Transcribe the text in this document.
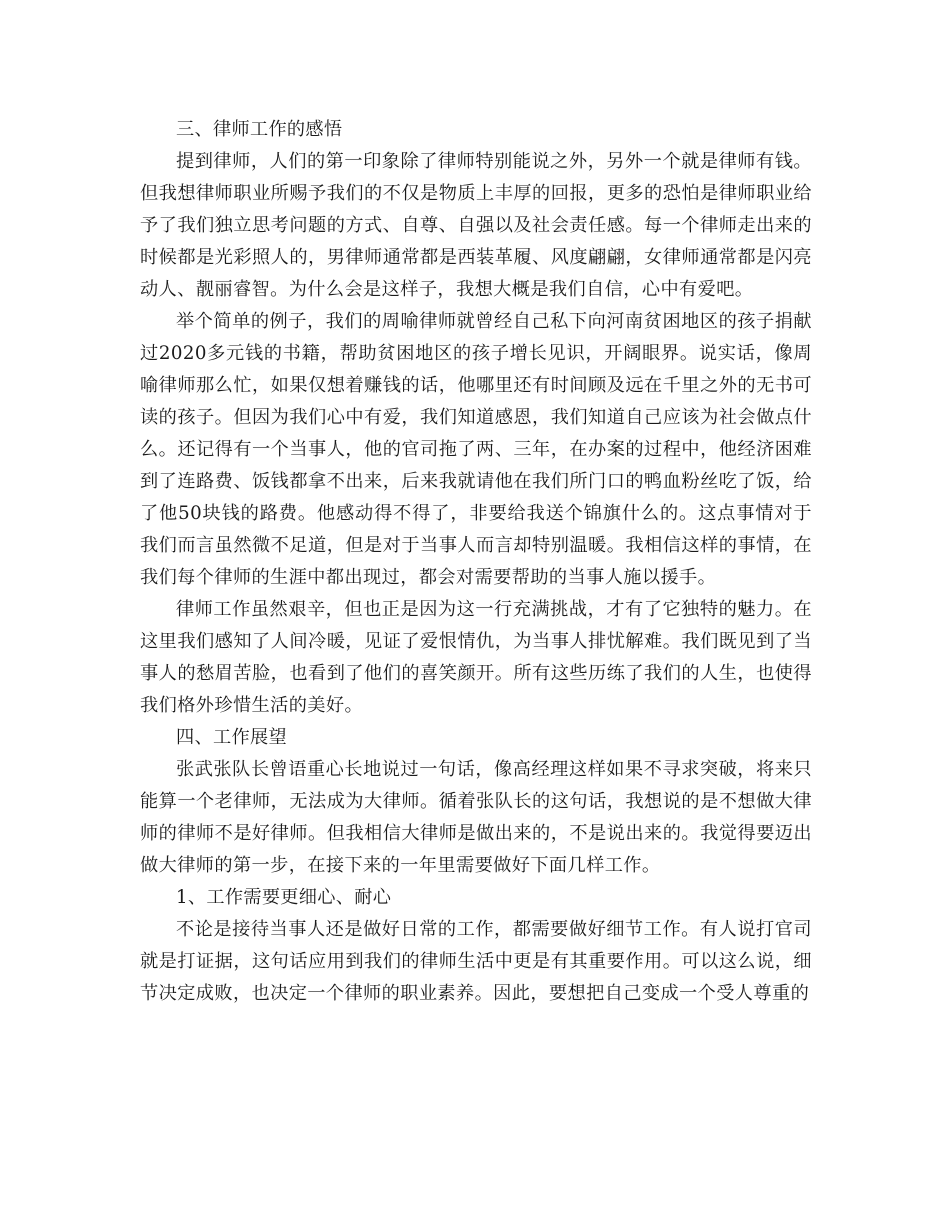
三、律师工作的感悟

提到律师，人们的第一印象除了律师特别能说之外，另外一个就是律师有钱。但我想律师职业所赐予我们的不仅是物质上丰厚的回报，更多的恐怕是律师职业给予了我们独立思考问题的方式、自尊、自强以及社会责任感。每一个律师走出来的时候都是光彩照人的，男律师通常都是西装革履、风度翩翩，女律师通常都是闪亮动人、靓丽睿智。为什么会是这样子，我想大概是我们自信，心中有爱吧。

举个简单的例子，我们的周喻律师就曾经自己私下向河南贫困地区的孩子捐献过2020多元钱的书籍，帮助贫困地区的孩子增长见识，开阔眼界。说实话，像周喻律师那么忙，如果仅想着赚钱的话，他哪里还有时间顾及远在千里之外的无书可读的孩子。但因为我们心中有爱，我们知道感恩，我们知道自己应该为社会做点什么。还记得有一个当事人，他的官司拖了两、三年，在办案的过程中，他经济困难到了连路费、饭钱都拿不出来，后来我就请他在我们所门口的鸭血粉丝吃了饭，给了他50块钱的路费。他感动得不得了，非要给我送个锦旗什么的。这点事情对于我们而言虽然微不足道，但是对于当事人而言却特别温暖。我相信这样的事情，在我们每个律师的生涯中都出现过，都会对需要帮助的当事人施以援手。

律师工作虽然艰辛，但也正是因为这一行充满挑战，才有了它独特的魅力。在这里我们感知了人间冷暖，见证了爱恨情仇，为当事人排忧解难。我们既见到了当事人的愁眉苦脸，也看到了他们的喜笑颜开。所有这些历练了我们的人生，也使得我们格外珍惜生活的美好。

四、工作展望

张武张队长曾语重心长地说过一句话，像高经理这样如果不寻求突破，将来只能算一个老律师，无法成为大律师。循着张队长的这句话，我想说的是不想做大律师的律师不是好律师。但我相信大律师是做出来的，不是说出来的。我觉得要迈出做大律师的第一步，在接下来的一年里需要做好下面几样工作。

1、工作需要更细心、耐心

不论是接待当事人还是做好日常的工作，都需要做好细节工作。有人说打官司就是打证据，这句话应用到我们的律师生活中更是有其重要作用。可以这么说，细节决定成败，也决定一个律师的职业素养。因此，要想把自己变成一个受人尊重的
